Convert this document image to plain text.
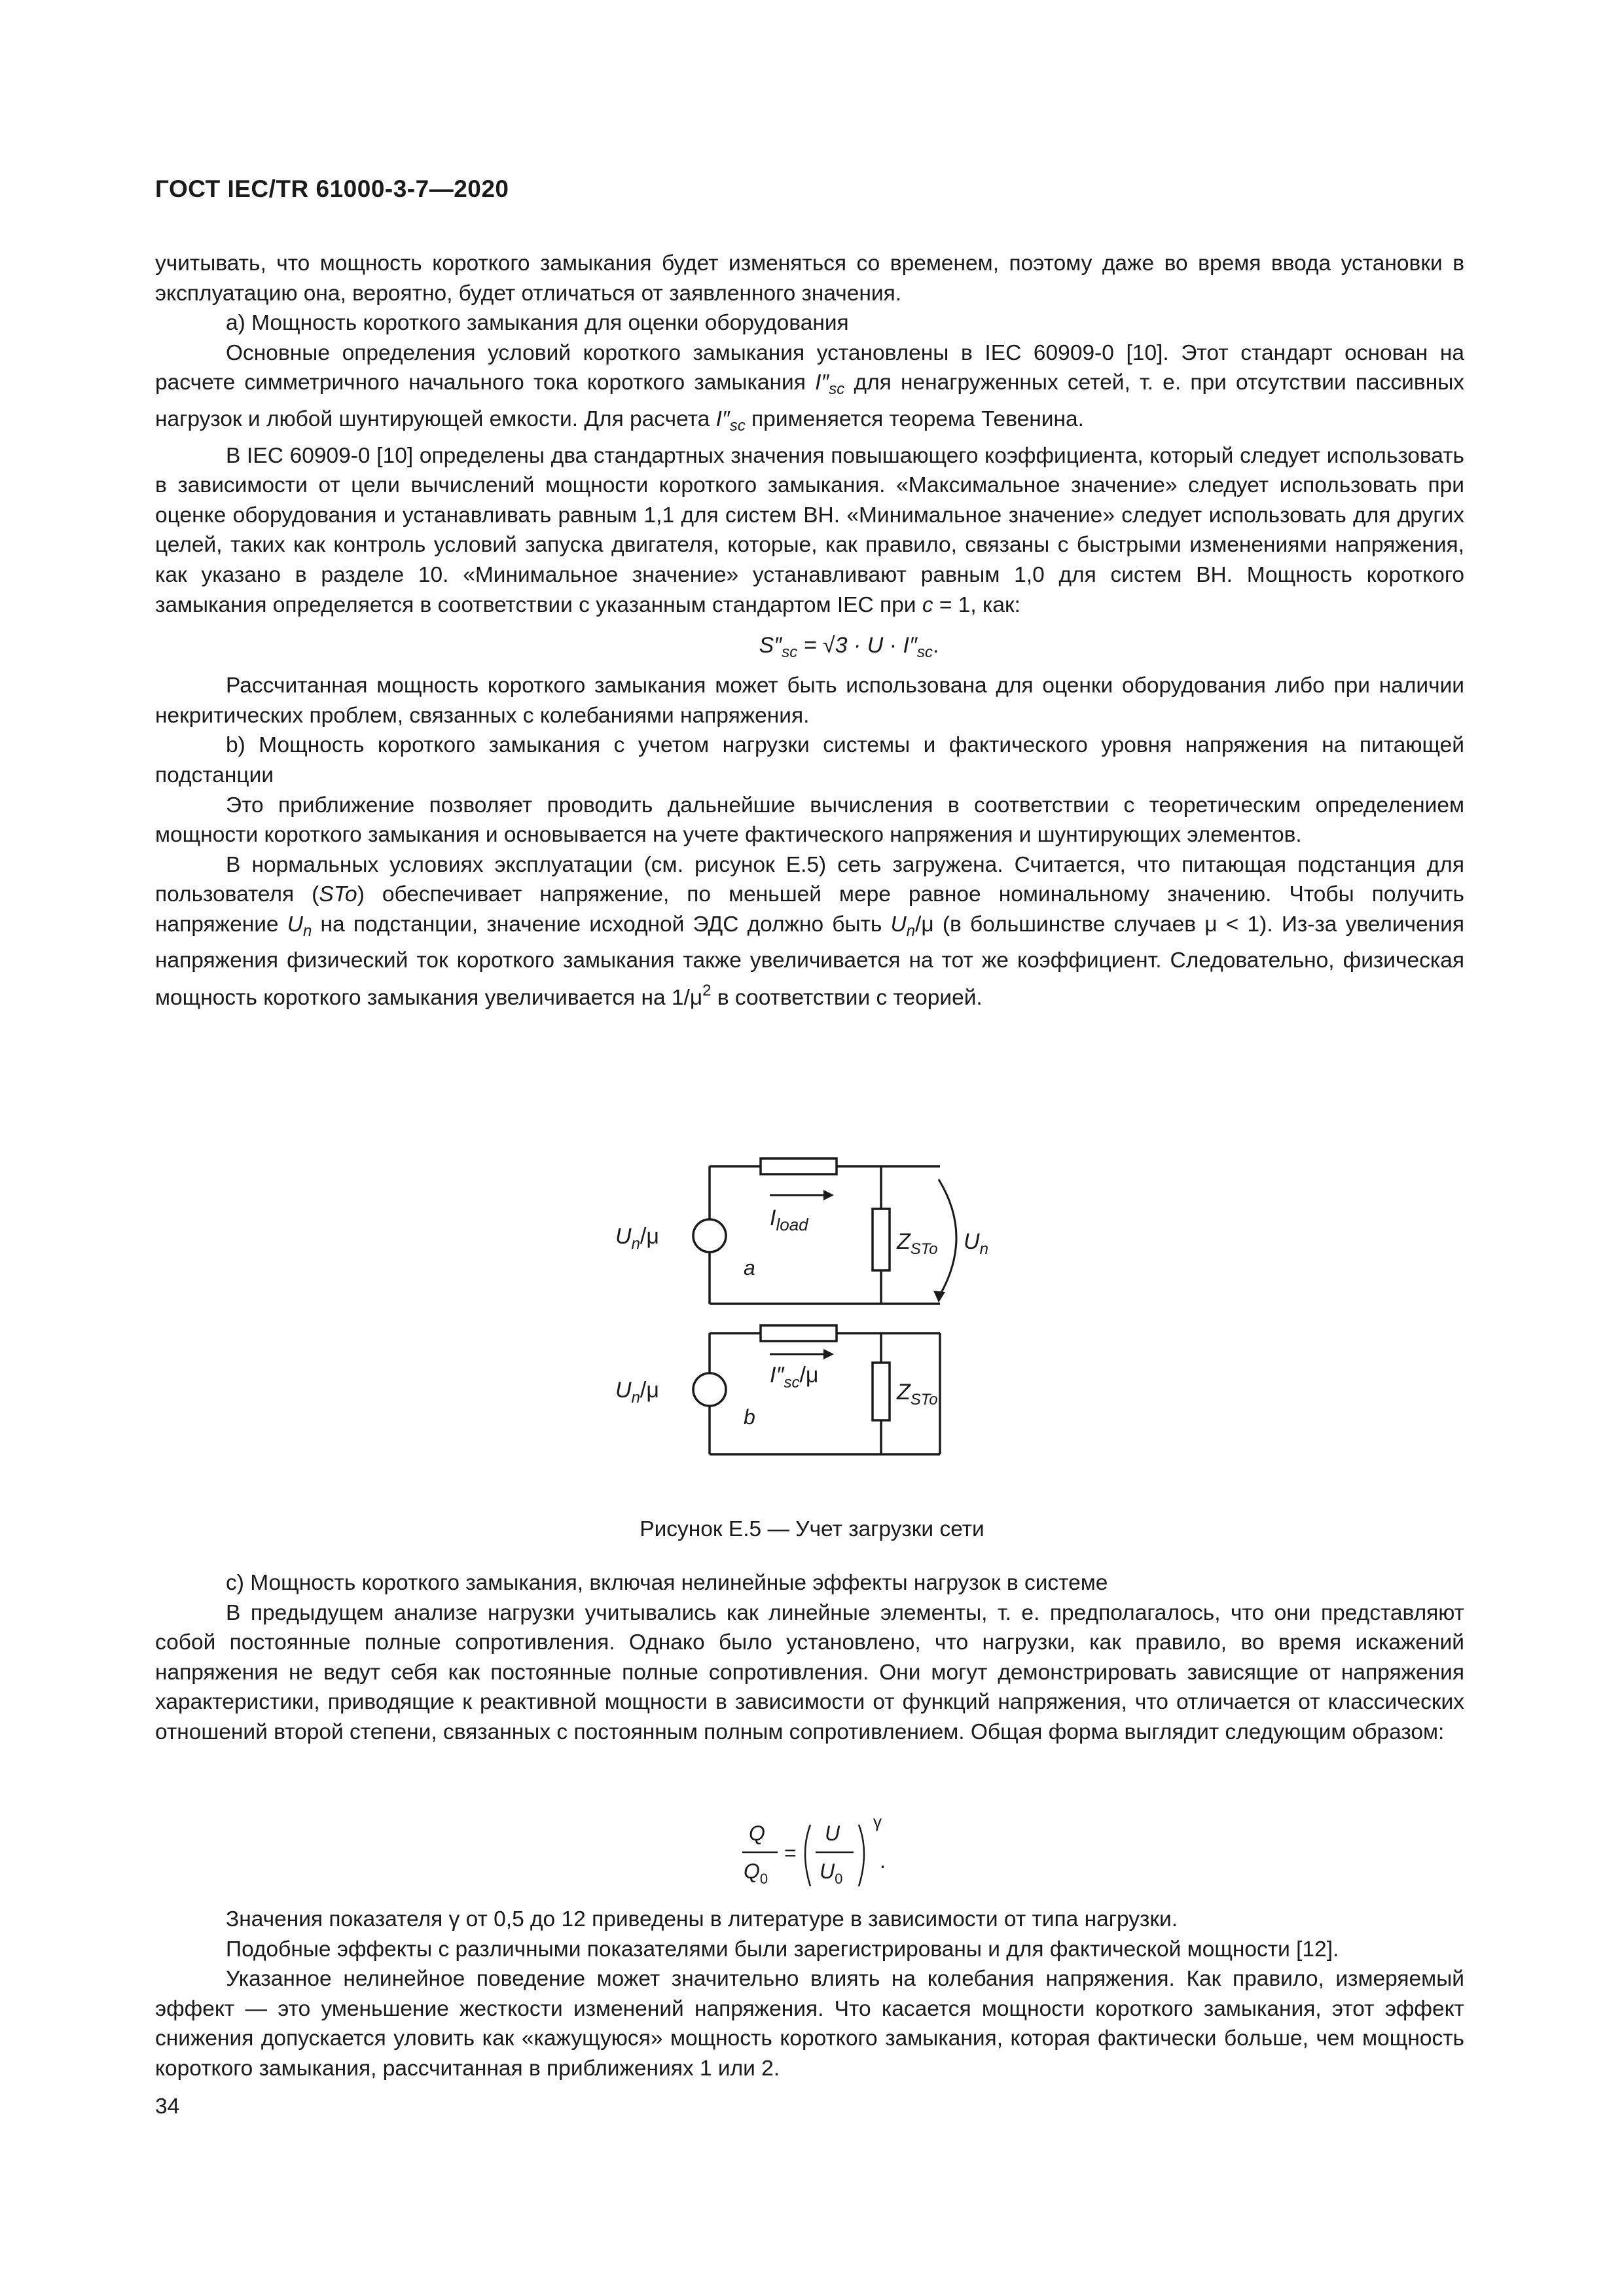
ГОСТ IEC/TR 61000-3-7—2020

учитывать, что мощность короткого замыкания будет изменяться со временем, поэтому даже во время ввода установки в эксплуатацию она, вероятно, будет отличаться от заявленного значения.

а) Мощность короткого замыкания для оценки оборудования

Основные определения условий короткого замыкания установлены в IEC 60909-0 [10]. Этот стандарт основан на расчете симметричного начального тока короткого замыкания $I''_{sc}$ для ненагруженных сетей, т. е. при отсутствии пассивных нагрузок и любой шунтирующей емкости. Для расчета $I''_{sc}$ применяется теорема Тевенина.

В IEC 60909-0 [10] определены два стандартных значения повышающего коэффициента, который следует использовать в зависимости от цели вычислений мощности короткого замыкания. «Максимальное значение» следует использовать при оценке оборудования и устанавливать равным 1,1 для систем ВН. «Минимальное значение» следует использовать для других целей, таких как контроль условий запуска двигателя, которые, как правило, связаны с быстрыми изменениями напряжения, как указано в разделе 10. «Минимальное значение» устанавливают равным 1,0 для систем ВН. Мощность короткого замыкания определяется в соответствии с указанным стандартом IEC при c = 1, как:

$S''_{sc} = √3 \cdot U \cdot I''_{sc}$.

Рассчитанная мощность короткого замыкания может быть использована для оценки оборудования либо при наличии некритических проблем, связанных с колебаниями напряжения.

b) Мощность короткого замыкания с учетом нагрузки системы и фактического уровня напряжения на питающей подстанции

Это приближение позволяет проводить дальнейшие вычисления в соответствии с теоретическим определением мощности короткого замыкания и основывается на учете фактического напряжения и шунтирующих элементов.

В нормальных условиях эксплуатации (см. рисунок Е.5) сеть загружена. Считается, что питающая подстанция для пользователя (STo) обеспечивает напряжение, по меньшей мере равное номинальному значению. Чтобы получить напряжение $U_n$ на подстанции, значение исходной ЭДС должно быть $U_n/\mu$ (в большинстве случаев μ < 1). Из-за увеличения напряжения физический ток короткого замыкания также увеличивается на тот же коэффициент. Следовательно, физическая мощность короткого замыкания увеличивается на $1/\mu^2$ в соответствии с теорией.

$U_n/\mu$
$I_{load}$
$Z_{STo}$ $U_n$
a
$U_n/\mu$
$I''_{sc}/\mu$
$Z_{STo}$
b
Рисунок Е.5 — Учет загрузки сети

с) Мощность короткого замыкания, включая нелинейные эффекты нагрузок в системе

В предыдущем анализе нагрузки учитывались как линейные элементы, т. е. предполагалось, что они представляют собой постоянные полные сопротивления. Однако было установлено, что нагрузки, как правило, во время искажений напряжения не ведут себя как постоянные полные сопротивления. Они могут демонстрировать зависящие от напряжения характеристики, приводящие к реактивной мощности в зависимости от функций напряжения, что отличается от классических отношений второй степени, связанных с постоянным полным сопротивлением. Общая форма выглядит следующим образом:

Q
$Q_0$
=
U
$U_0$
γ
.

Значения показателя γ от 0,5 до 12 приведены в литературе в зависимости от типа нагрузки.

Подобные эффекты с различными показателями были зарегистрированы и для фактической мощности [12].

Указанное нелинейное поведение может значительно влиять на колебания напряжения. Как правило, измеряемый эффект — это уменьшение жесткости изменений напряжения. Что касается мощности короткого замыкания, этот эффект снижения допускается уловить как «кажущуюся» мощность короткого замыкания, которая фактически больше, чем мощность короткого замыкания, рассчитанная в приближениях 1 или 2.

34
